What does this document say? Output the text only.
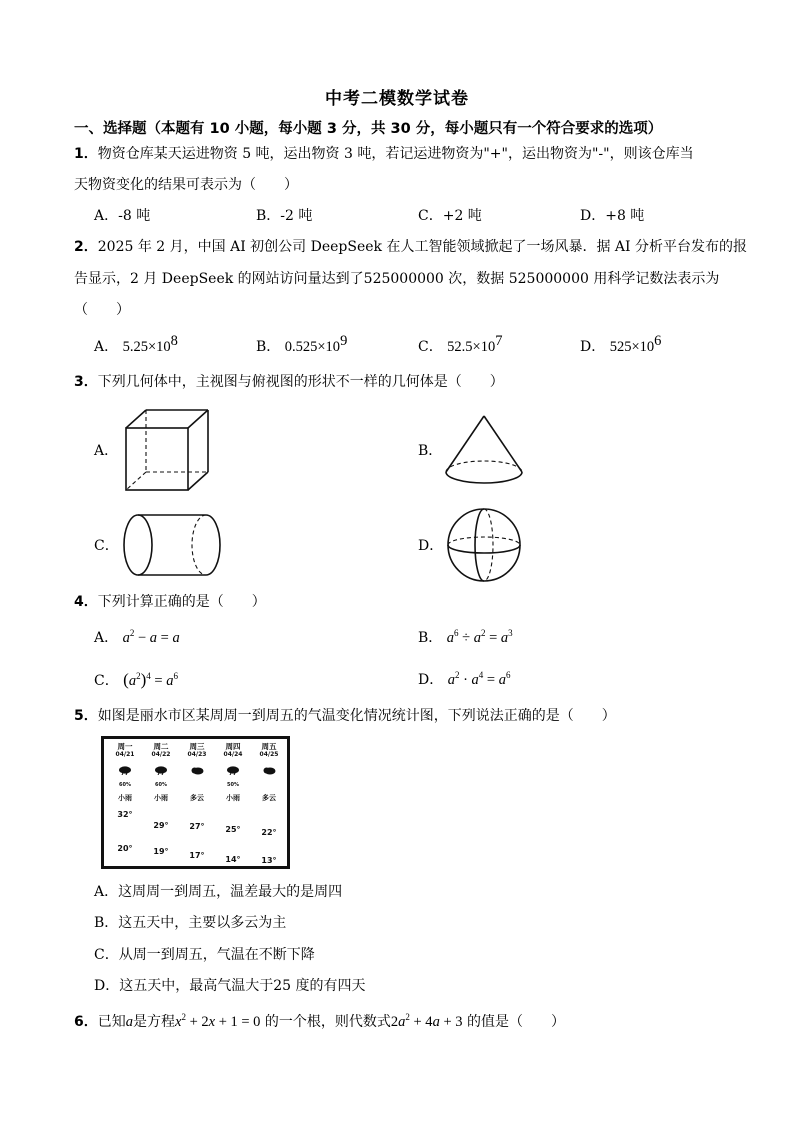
中考二模数学试卷
一、选择题（本题有 10 小题，每小题 3 分，共 30 分，每小题只有一个符合要求的选项）
1．物资仓库某天运进物资 5 吨，运出物资 3 吨，若记运进物资为"+"，运出物资为"-"，则该仓库当
天物资变化的结果可表示为（　　）
A．-8 吨	B．-2 吨	C．+2 吨	D．+8 吨
2．2025 年 2 月，中国 AI 初创公司 DeepSeek 在人工智能领域掀起了一场风暴．据 AI 分析平台发布的报
告显示，2 月 DeepSeek 的网站访问量达到了525000000 次，数据 525000000 用科学记数法表示为
（　　）
A． $5.25\times 10^8$	B． $0.525\times 10^9$	C． $52.5\times 10^7$	D． $525\times 10^6$
3．下列几何体中，主视图与俯视图的形状不一样的几何体是（　　）
A．	B．
C．	D．
4．下列计算正确的是（　　）
A． $a^2 - a = a$	B． $a^6 \div a^2 = a^3$
C． $(a^2)^4 = a^6$	D． $a^2 \cdot a^4 = a^6$
5．如图是丽水市区某周周一到周五的气温变化情况统计图，下列说法正确的是（　　）
周一
04/21
60%
小雨
32°
20°
周二
04/22
60%
小雨
29°
19°
周三
04/23
多云
27°
17°
周四
04/24
50%
小雨
25°
14°
周五
04/25
多云
22°
13°
A．这周周一到周五，温差最大的是周四
B．这五天中，主要以多云为主
C．从周一到周五，气温在不断下降
D．这五天中，最高气温大于25 度的有四天
6．已知a是方程$x^2 + 2x + 1 = 0$ 的一个根，则代数式$2a^2 + 4a + 3$ 的值是（　　）
